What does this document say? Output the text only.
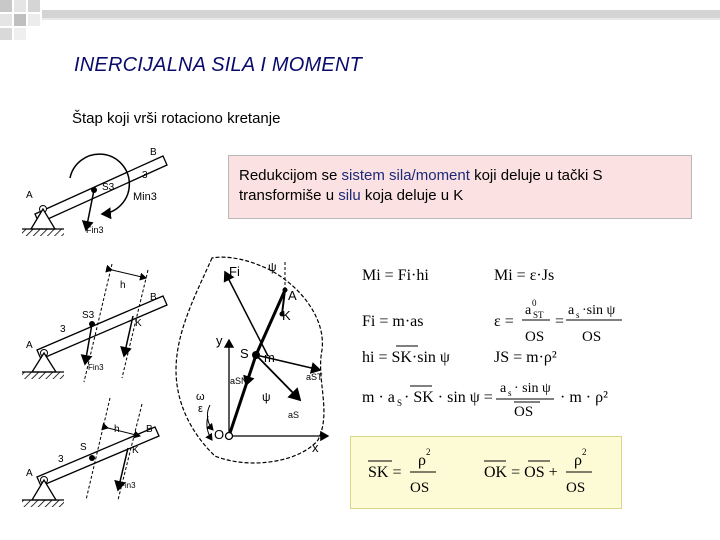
INERCIJALNA SILA I MOMENT
Štap koji vrši rotaciono kretanje
Redukcijom se sistem sila/moment koji deluje u tački S transformiše u silu koja deluje u K
B
3
S3
A	Min3
Fin3
h
B
S3
K
3
A
Fin3
h	B
S	K
3
A
Fin3
Fi ψ
A
K
y
S m
aST
aSN
ω
ε
ψ
O
aS
x
Mi = Fi·hi	Mi = ε·Js
Fi = m·as	ε =
a ST
0
OS
=
a s ·sin ψ
OS
hi = SK·sin ψ	JS = m·ρ²
m · a S · SK · sin ψ =
a s · sin ψ
OS
· m · ρ²
SK =
ρ 2
OS
OK = OS +
ρ 2
OS
